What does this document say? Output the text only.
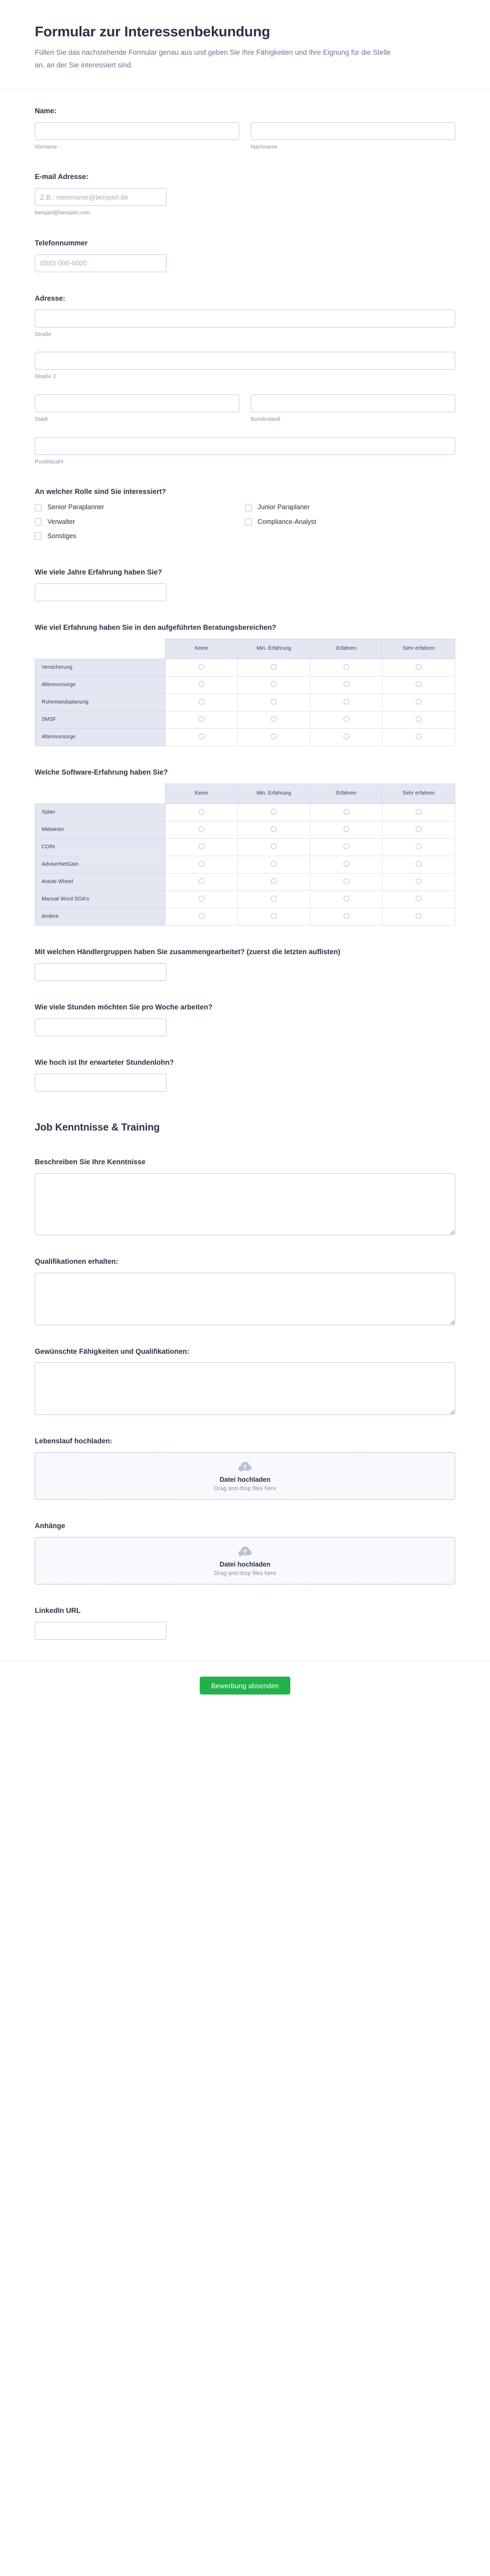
Formular zur Interessenbekundung

Füllen Sie das nachstehende Formular genau aus und geben Sie Ihre Fähigkeiten und Ihre Eignung für die Stelle an, an der Sie interessiert sind.

Name:
Vorname	Nachname
E-mail Adresse:
Z.B.: meinname@beispiel.de
beispiel@beispiel.com
Telefonnummer
(000) 000-0000
Adresse:
Straße
Straße 2
Stadt	Bundesland
Postleitzahl
An welcher Rolle sind Sie interessiert?
Senior Paraplanner
Verwalter
Sonstiges
Junior Paraplaner
Compliance-Analyst
Wie viele Jahre Erfahrung haben Sie?
Wie viel Erfahrung haben Sie in den aufgeführten Beratungsbereichen?
	Keine	Min. Erfahrung	Erfahren	Sehr erfahren
Versicherung				
Altersvorsorge				
Ruhestandsplanung				
SMSF				
Altersvorsorge				
Welche Software-Erfahrung haben Sie?
	Keine	Min. Erfahrung	Erfahren	Sehr erfahren
Xplan				
Midwinter				
COIN				
AdviserNetGain				
Astute Wheel				
Manual Word SOA's				
Andere				
Mit welchen Händlergruppen haben Sie zusammengearbeitet? (zuerst die letzten auflisten)
Wie viele Stunden möchten Sie pro Woche arbeiten?
Wie hoch ist Ihr erwarteter Stundenlohn?
Job Kenntnisse & Training
Beschreiben Sie Ihre Kenntnisse
Qualifikationen erhalten:
Gewünschte Fähigkeiten und Qualifikationen:
Lebenslauf hochladen:
Datei hochladen
Drag and drop files here
Anhänge
Datei hochladen
Drag and drop files here
LinkedIn URL
Bewerbung absenden
